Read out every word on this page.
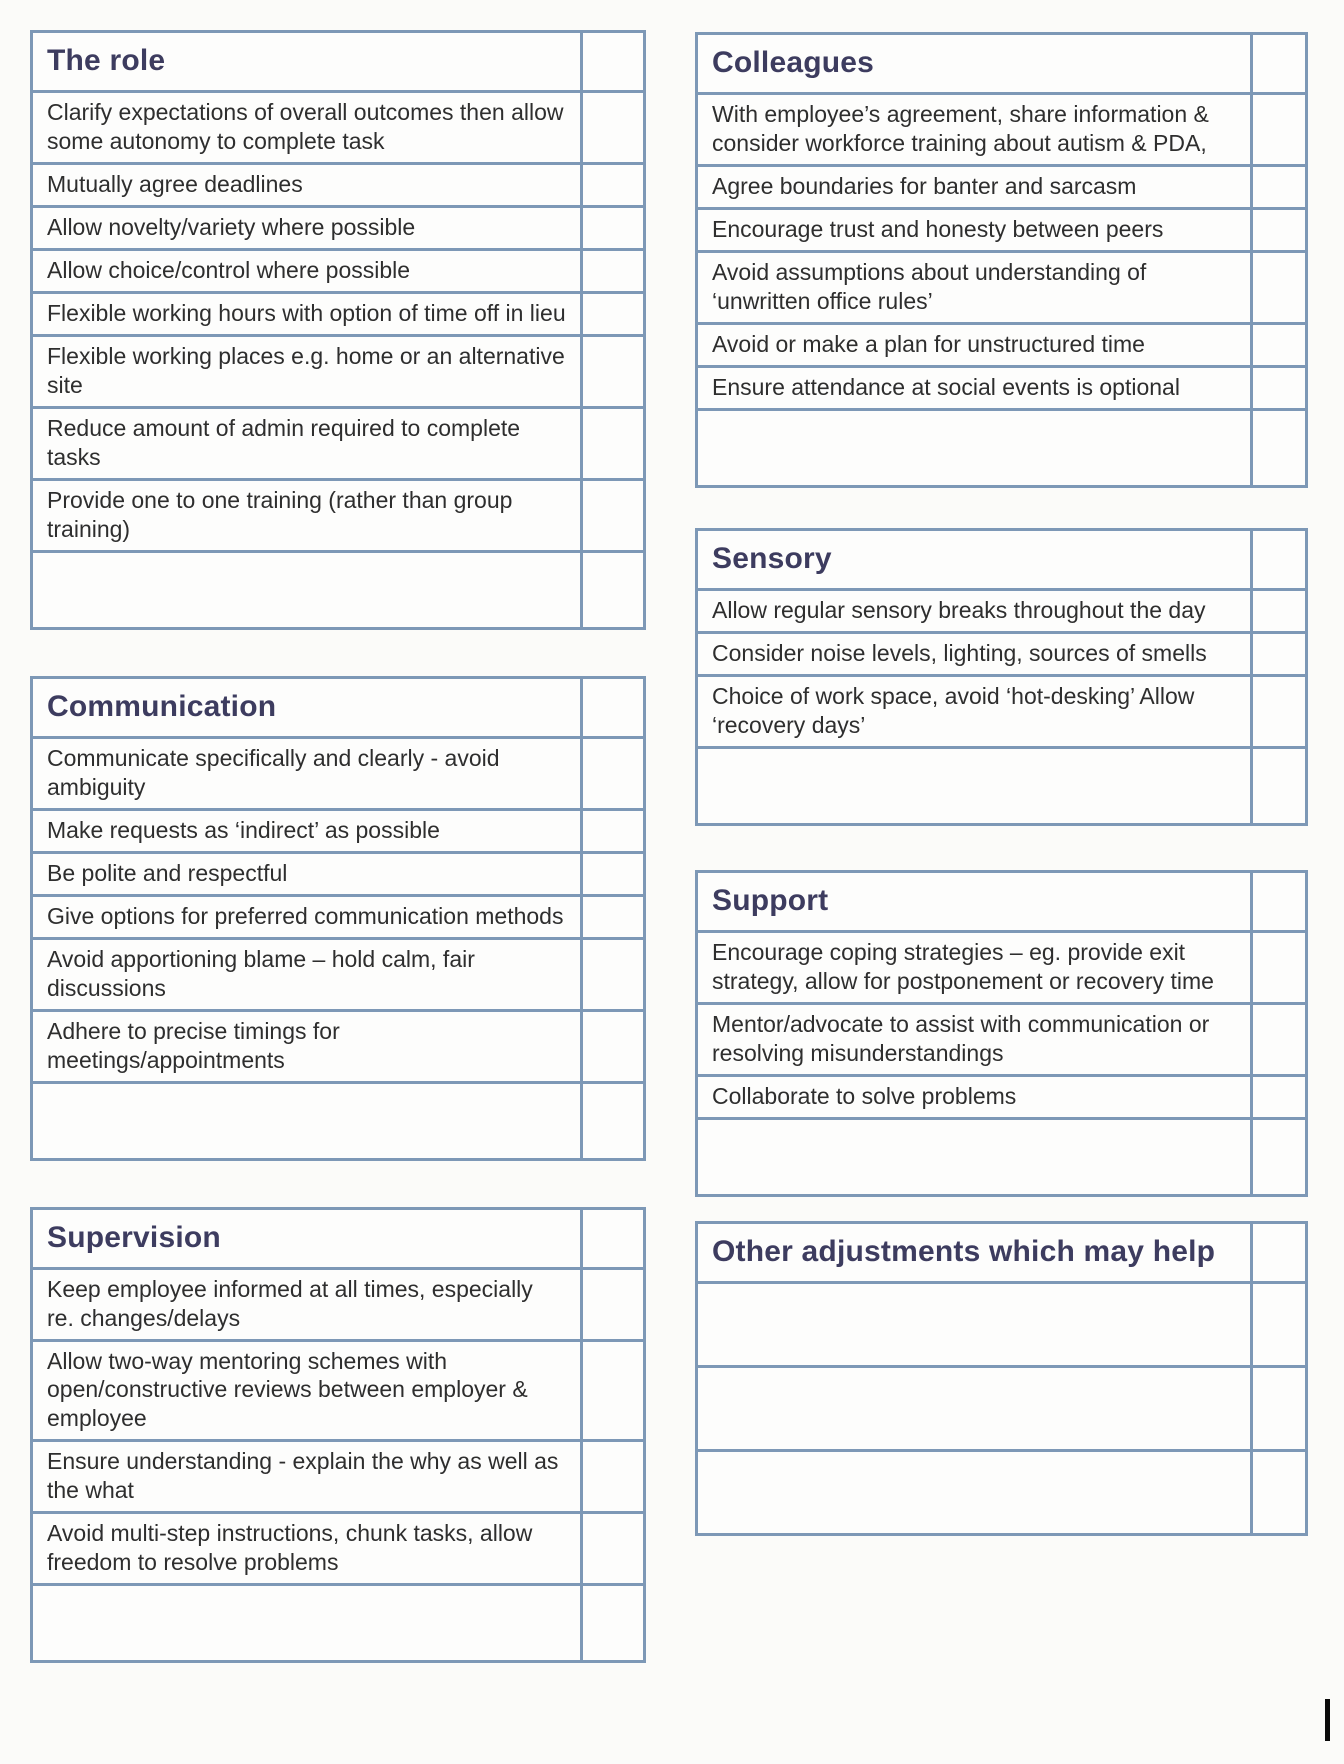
The role
Clarify expectations of overall outcomes then allow some autonomy to complete task
Mutually agree deadlines
Allow novelty/variety where possible
Allow choice/control where possible
Flexible working hours with option of time off in lieu
Flexible working places e.g. home or an alternative site
Reduce amount of admin required to complete tasks
Provide one to one training (rather than group training)
Communication
Communicate specifically and clearly - avoid ambiguity
Make requests as ‘indirect’ as possible
Be polite and respectful
Give options for preferred communication methods
Avoid apportioning blame – hold calm, fair discussions
Adhere to precise timings for meetings/appointments
Supervision
Keep employee informed at all times, especially re. changes/delays
Allow two-way mentoring schemes with open/constructive reviews between employer & employee
Ensure understanding - explain the why as well as the what
Avoid multi-step instructions, chunk tasks, allow freedom to resolve problems
Colleagues
With employee’s agreement, share information & consider workforce training about autism & PDA,
Agree boundaries for banter and sarcasm
Encourage trust and honesty between peers
Avoid assumptions about understanding of ‘unwritten office rules’
Avoid or make a plan for unstructured time
Ensure attendance at social events is optional
Sensory
Allow regular sensory breaks throughout the day
Consider noise levels, lighting, sources of smells
Choice of work space, avoid ‘hot-desking’ Allow ‘recovery days’
Support
Encourage coping strategies – eg. provide exit strategy, allow for postponement or recovery time
Mentor/advocate to assist with communication or resolving misunderstandings
Collaborate to solve problems
Other adjustments which may help
